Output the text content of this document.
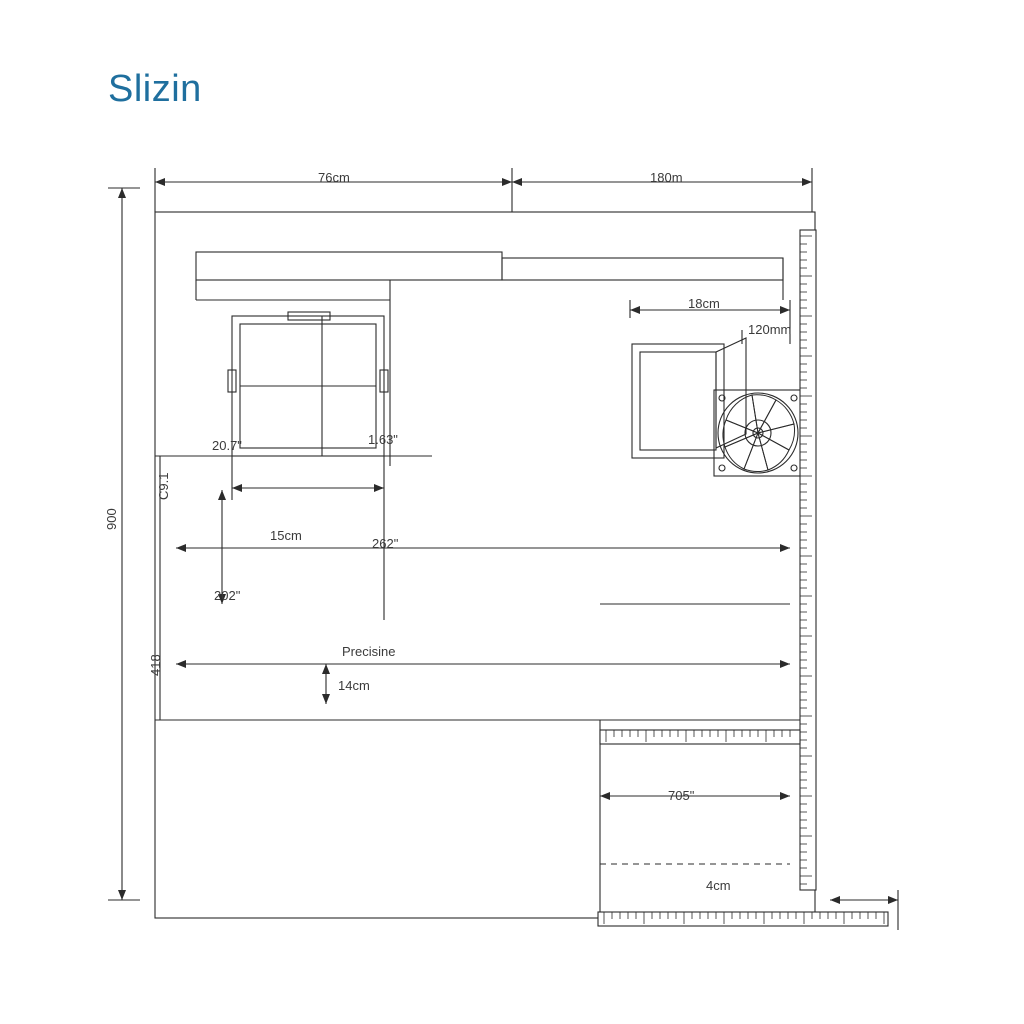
Slizin
76cm	180m
900
18cm
120mm
20.7"	1.63"
C9.1
15cm
262"
202"
418
14cm
705"
4cm
Precisine
